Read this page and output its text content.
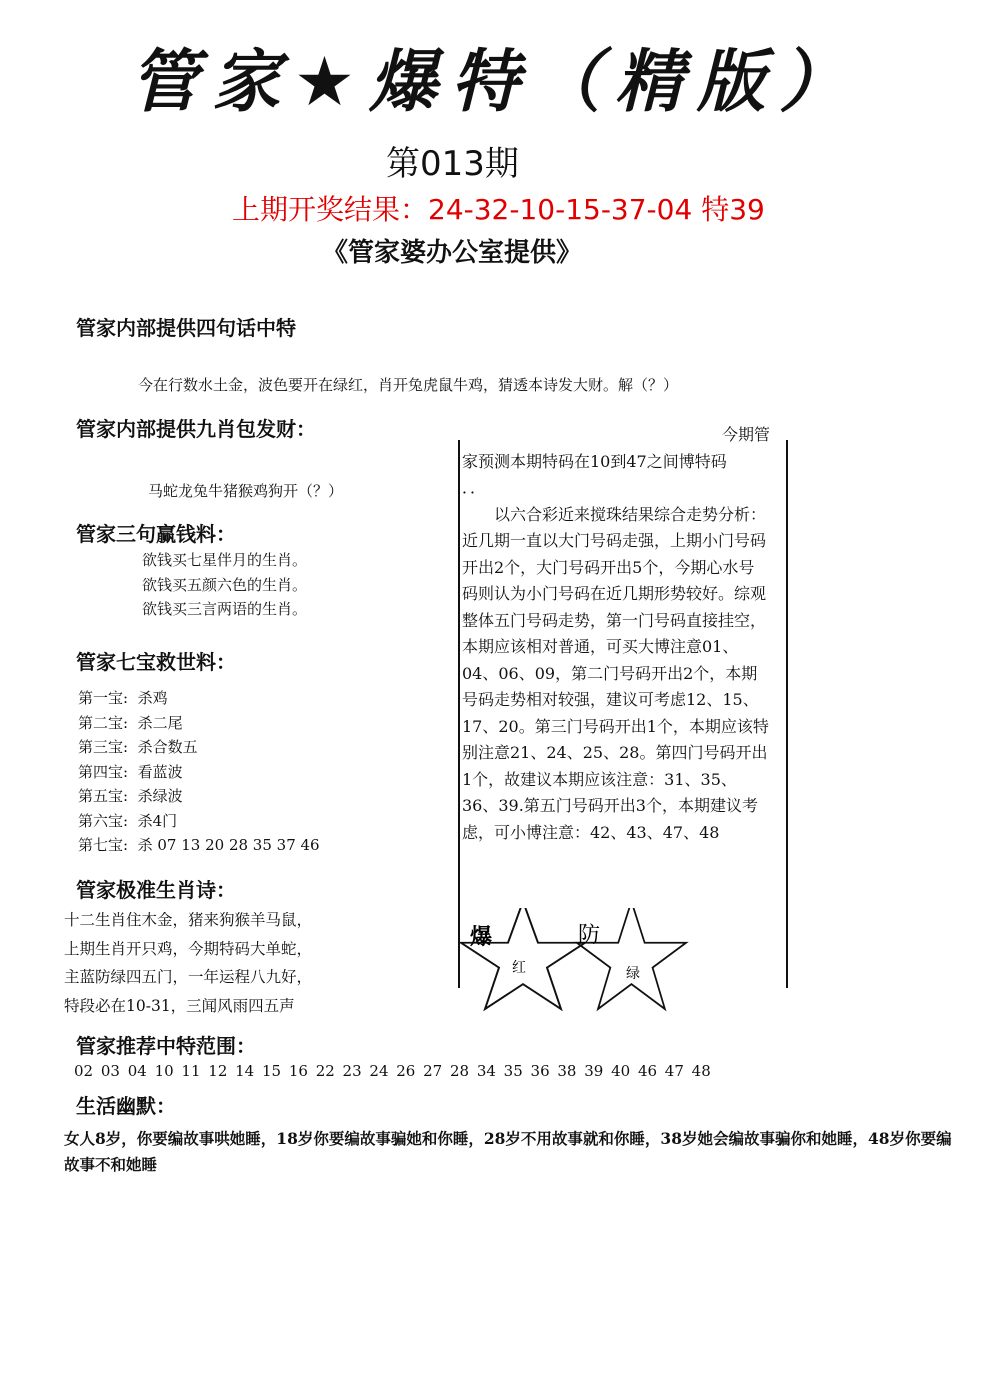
管家★爆特（精版）
第013期
上期开奖结果：24-32-10-15-37-04 特39
《管家婆办公室提供》
管家内部提供四句话中特
今在行数水土金，波色要开在绿红，肖开兔虎鼠牛鸡，猜透本诗发大财。解（？）
管家内部提供九肖包发财：
马蛇龙兔牛猪猴鸡狗开（？）
管家三句赢钱料：
欲钱买七星伴月的生肖。
欲钱买五颜六色的生肖。
欲钱买三言两语的生肖。
管家七宝救世料：
第一宝: 杀鸡
第二宝: 杀二尾
第三宝: 杀合数五
第四宝: 看蓝波
第五宝: 杀绿波
第六宝: 杀4门
第七宝: 杀 07 13 20 28 35 37 46
管家极准生肖诗：
十二生肖住木金，猪来狗猴羊马鼠，
上期生肖开只鸡，今期特码大单蛇，
主蓝防绿四五门，一年运程八九好，
特段必在10-31，三闻风雨四五声
今期管
家预测本期特码在10到47之间博特码
．．
以六合彩近来搅珠结果综合走势分析：近几期一直以大门号码走强，上期小门号码开出2个，大门号码开出5个，今期心水号码则认为小门号码在近几期形势较好。综观整体五门号码走势，第一门号码直接挂空，本期应该相对普通，可买大博注意01、04、06、09，第二门号码开出2个，本期号码走势相对较强，建议可考虑12、15、17、20。第三门号码开出1个，本期应该特别注意21、24、25、28。第四门号码开出1个，故建议本期应该注意：31、35、36、39.第五门号码开出3个，本期建议考虑，可小博注意：42、43、47、48
爆
红
防
绿
管家推荐中特范围：
02 03 04 10 11 12 14 15 16 22 23 24 26 27 28 34 35 36 38 39 40 46 47 48
生活幽默：
女人8岁，你要编故事哄她睡，18岁你要编故事骗她和你睡，28岁不用故事就和你睡，38岁她会编故事骗你和她睡，48岁你要编故事不和她睡
